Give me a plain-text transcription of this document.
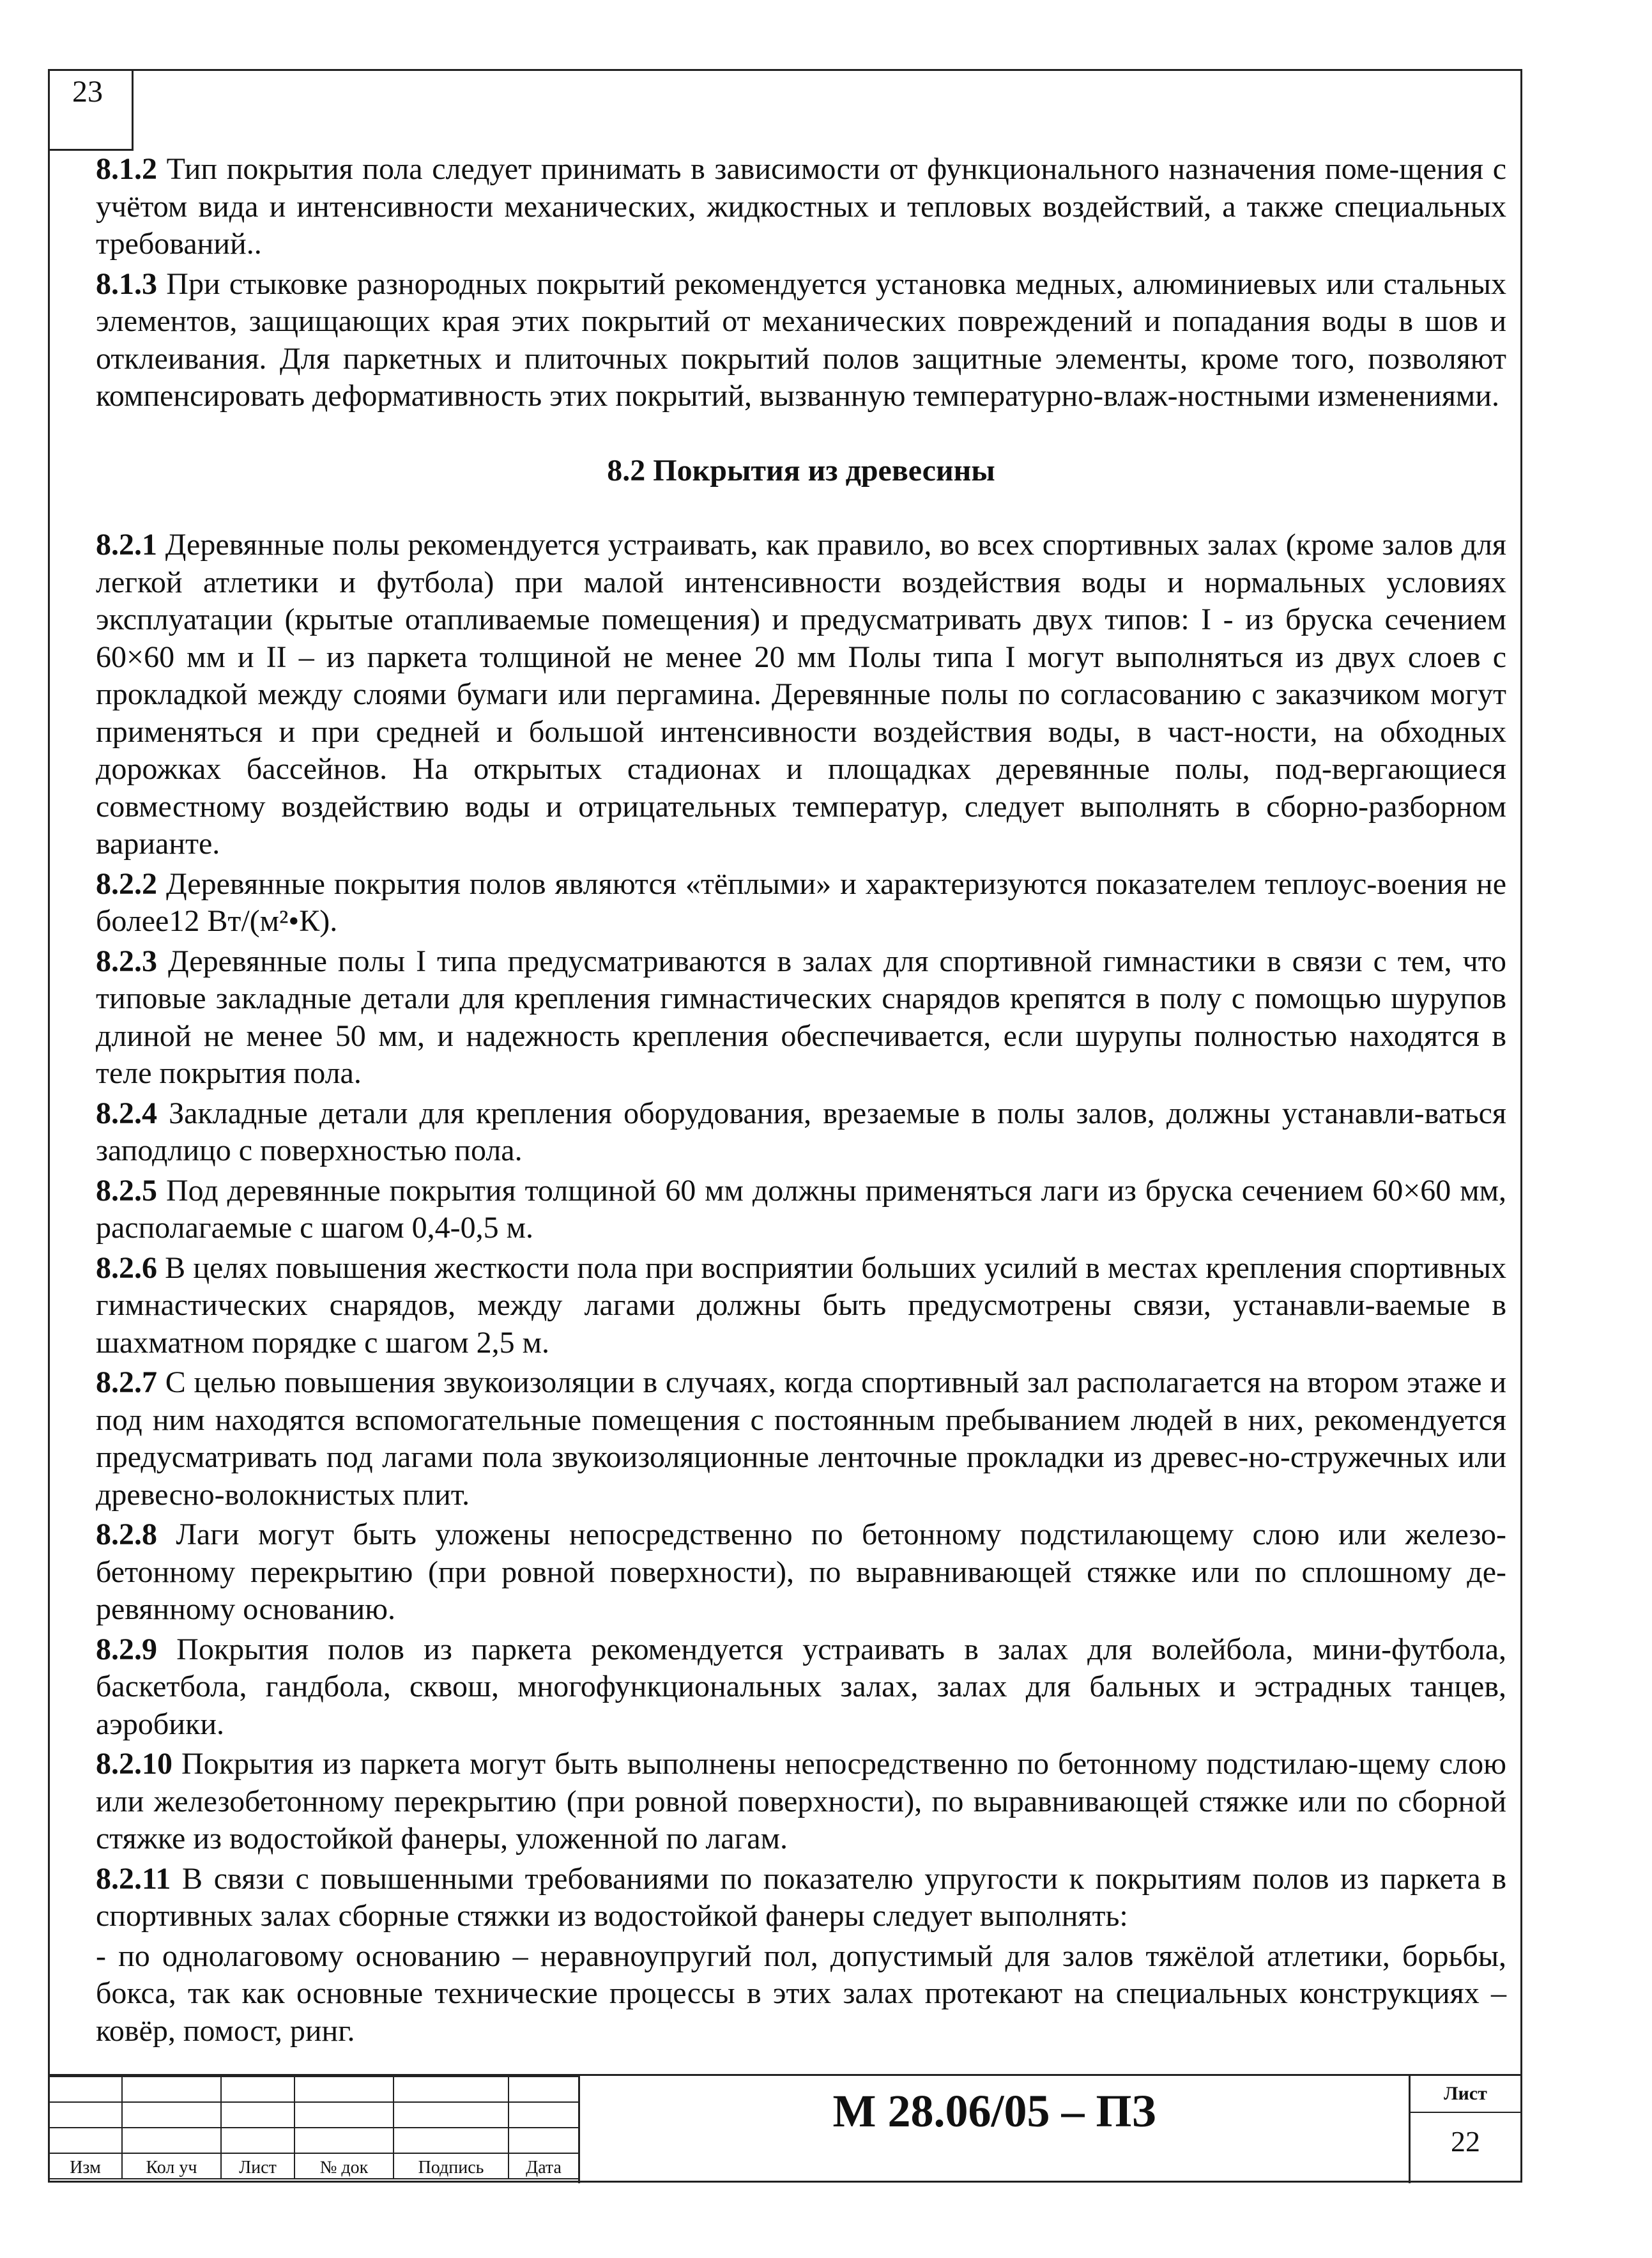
23

8.1.2 Тип покрытия пола следует принимать в зависимости от функционального назначения поме-щения с учётом вида и интенсивности механических, жидкостных и тепловых воздействий, а также специальных требований..

8.1.3 При стыковке разнородных покрытий рекомендуется установка медных, алюминиевых или стальных элементов, защищающих края этих покрытий от механических повреждений и попадания воды в шов и отклеивания. Для паркетных и плиточных покрытий полов защитные элементы, кроме того, позволяют компенсировать деформативность этих покрытий, вызванную температурно-влаж-ностными изменениями.

8.2 Покрытия из древесины

8.2.1 Деревянные полы рекомендуется устраивать, как правило, во всех спортивных залах (кроме залов для легкой атлетики и футбола) при малой интенсивности воздействия воды и нормальных условиях эксплуатации (крытые отапливаемые помещения) и предусматривать двух типов: I - из бруска сечением 60×60 мм и II – из паркета толщиной не менее 20 мм Полы типа I могут выполняться из двух слоев с прокладкой между слоями бумаги или пергамина. Деревянные полы по согласованию с заказчиком могут применяться и при средней и большой интенсивности воздействия воды, в част-ности, на обходных дорожках бассейнов. На открытых стадионах и площадках деревянные полы, под-вергающиеся совместному воздействию воды и отрицательных температур, следует выполнять в сборно-разборном варианте.

8.2.2 Деревянные покрытия полов являются «тёплыми» и характеризуются показателем теплоус-воения не более12 Вт/(м²•К).

8.2.3 Деревянные полы I типа предусматриваются в залах для спортивной гимнастики в связи с тем, что типовые закладные детали для крепления гимнастических снарядов крепятся в полу с помощью шурупов длиной не менее 50 мм, и надежность крепления обеспечивается, если шурупы полностью находятся в теле покрытия пола.

8.2.4 Закладные детали для крепления оборудования, врезаемые в полы залов, должны устанавли-ваться заподлицо с поверхностью пола.

8.2.5 Под деревянные покрытия толщиной 60 мм должны применяться лаги из бруска сечением 60×60 мм, располагаемые с шагом 0,4-0,5 м.

8.2.6 В целях повышения жесткости пола при восприятии больших усилий в местах крепления спортивных гимнастических снарядов, между лагами должны быть предусмотрены связи, устанавли-ваемые в шахматном порядке с шагом 2,5 м.

8.2.7 С целью повышения звукоизоляции в случаях, когда спортивный зал располагается на втором этаже и под ним находятся вспомогательные помещения с постоянным пребыванием людей в них, рекомендуется предусматривать под лагами пола звукоизоляционные ленточные прокладки из древес-но-стружечных или древесно-волокнистых плит.

8.2.8 Лаги могут быть уложены непосредственно по бетонному подстилающему слою или железо-бетонному перекрытию (при ровной поверхности), по выравнивающей стяжке или по сплошному де-ревянному основанию.

8.2.9 Покрытия полов из паркета рекомендуется устраивать в залах для волейбола, мини-футбола, баскетбола, гандбола, сквош, многофункциональных залах, залах для бальных и эстрадных танцев, аэробики.

8.2.10 Покрытия из паркета могут быть выполнены непосредственно по бетонному подстилаю-щему слою или железобетонному перекрытию (при ровной поверхности), по выравнивающей стяжке или по сборной стяжке из водостойкой фанеры, уложенной по лагам.

8.2.11 В связи с повышенными требованиями по показателю упругости к покрытиям полов из паркета в спортивных залах сборные стяжки из водостойкой фанеры следует выполнять:

- по однолаговому основанию – неравноупругий пол, допустимый для залов тяжёлой атлетики, борьбы, бокса, так как основные технические процессы в этих залах протекают на специальных конструкциях – ковёр, помост, ринг.

Изм	Кол уч	Лист	№ док	Подпись	Дата
М 28.06/05 – ПЗ	Лист
22
